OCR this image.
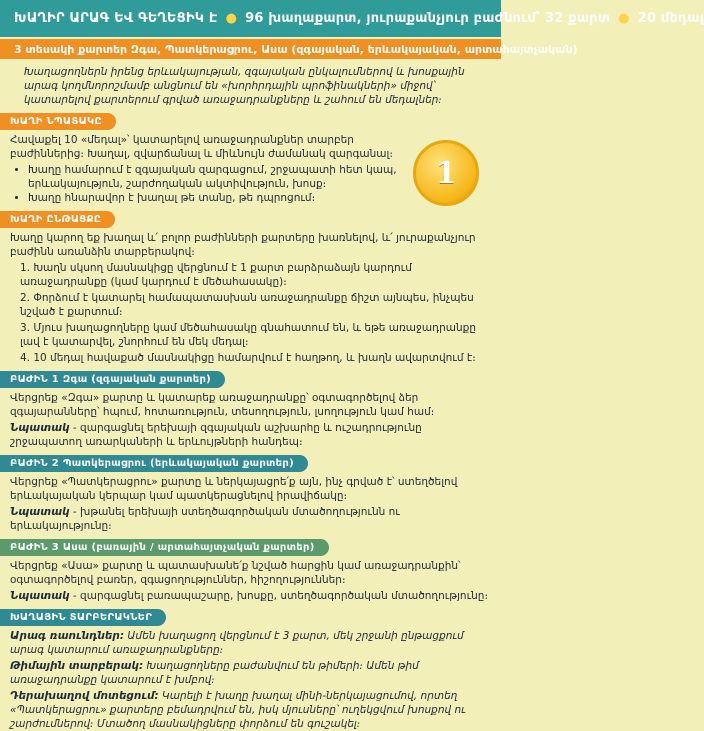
ԽԱՂԻՐ ԱՐԱԳ ԵՎ ԳԵՂԵՑԻԿ Է ● 96 խաղաքարտ, յուրաքանչյուր բաժնում՝ 32 քարտ ● 20 մեդալ
3 տեսակի քարտեր Զգա, Պատկերացրու, Ասա (զգայական, երևակայական, արտահայտչական)

Խաղացողներն իրենց երևակայության, զգայական ընկալումներով և խոսքային արագ կողմնորոշմամբ անցնում են «խորհրդային պրոֆինակների» միջով՝ կատարելով քարտերում գրված առաջադրանքները և շահում են մեդալներ։

ԽԱՂԻ ՆՊԱՏԱԿԸ

Հավաքել 10 «մեդալ»՝ կատարելով առաջադրանքներ տարբեր բաժիններից։ Խաղալ, զվարճանալ և միևնույն ժամանակ զարգանալ։

• Խաղը համարում է զգայական զարգացում, շրջապատի հետ կապ, երևակայություն, շարժողական ակտիվություն, խոսք։
• Խաղը հնարավոր է խաղալ թե տանը, թե դպրոցում։
ԽԱՂԻ ԸՆԹԱՑՔԸ

Խաղը կարող եք խաղալ և՛ բոլոր բաժինների քարտերը խառնելով, և՛ յուրաքանչյուր բաժինն առանձին տարբերակով։

1. Խաղն սկսող մասնակիցը վերցնում է 1 քարտ բարձրաձայն կարդում առաջադրանքը (կամ կարդում է մեծահասակը)։

2. Փորձում է կատարել համապատասխան առաջադրանքը ճիշտ այնպես, ինչպես նշված է քարտում։

3. Մյուս խաղացողները կամ մեծահասակը գնահատում են, և եթե առաջադրանքը լավ է կատարվել, շնորհում են մեկ մեդալ։

4. 10 մեդալ հավաքած մասնակիցը համարվում է հաղթող, և խաղն ավարտվում է։

ԲԱԺԻՆ 1 Զգա (զգայական քարտեր)

Վերցրեք «Զգա» քարտը և կատարեք առաջադրանքը՝ օգտագործելով ձեր զգայարանները՝ հպում, հոտառություն, տեսողություն, լսողություն կամ համ։

Նպատակ - զարգացնել երեխայի զգայական աշխարհը և ուշադրությունը շրջապատող առարկաների և երևույթների հանդեպ։

ԲԱԺԻՆ 2 Պատկերացրու (երևակայական քարտեր)

Վերցրեք «Պատկերացրու» քարտը և ներկայացրե՛ք այն, ինչ գրված է՝ ստեղծելով երևակայական կերպար կամ պատկերացնելով իրավիճակը։

Նպատակ - խթանել երեխայի ստեղծագործական մտածողությունն ու երևակայությունը։

ԲԱԺԻՆ 3 Ասա (բառային / արտահայտչական քարտեր)

Վերցրեք «Ասա» քարտը և պատասխանե՛ք նշված հարցին կամ առաջադրանքին՝ օգտագործելով բառեր, զգացողություններ, հիշողություններ։

Նպատակ - զարգացնել բառապաշարը, խոսքը, ստեղծագործական մտածողությունը։

ԽԱՂԱՅԻՆ ՏԱՐԲԵՐԱԿՆԵՐ

Արագ ռաունդներ: Ամեն խաղացող վերցնում է 3 քարտ, մեկ շրջանի ընթացքում արագ կատարում առաջադրանքները։

Թիմային տարբերակ: Խաղացողները բաժանվում են թիմերի։ Ամեն թիմ առաջադրանքը կատարում է խմբով։

Դերախաղով մոտեցում: Կարելի է խաղը խաղալ մինի-ներկայացումով, որտեղ «Պատկերացրու» քարտերը բեմադրվում են, իսկ մյուսները՝ ուղեկցվում խոսքով ու շարժումներով։ Մտածող մասնակիցները փորձում են գուշակել։

1
